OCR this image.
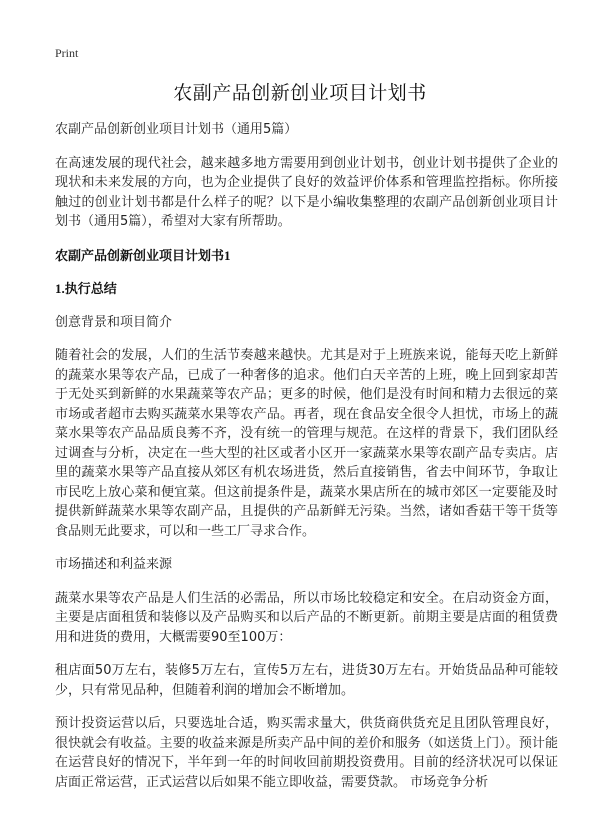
Print
农副产品创新创业项目计划书

农副产品创新创业项目计划书（通用5篇）

在高速发展的现代社会，越来越多地方需要用到创业计划书，创业计划书提供了企业的现状和未来发展的方向，也为企业提供了良好的效益评价体系和管理监控指标。你所接触过的创业计划书都是什么样子的呢？以下是小编收集整理的农副产品创新创业项目计划书（通用5篇），希望对大家有所帮助。

农副产品创新创业项目计划书1

1.执行总结

创意背景和项目简介

随着社会的发展，人们的生活节奏越来越快。尤其是对于上班族来说，能每天吃上新鲜的蔬菜水果等农产品，已成了一种奢侈的追求。他们白天辛苦的上班，晚上回到家却苦于无处买到新鲜的水果蔬菜等农产品；更多的时候，他们是没有时间和精力去很远的菜市场或者超市去购买蔬菜水果等农产品。再者，现在食品安全很令人担忧，市场上的蔬菜水果等农产品品质良莠不齐，没有统一的管理与规范。在这样的背景下，我们团队经过调查与分析，决定在一些大型的社区或者小区开一家蔬菜水果等农副产品专卖店。店里的蔬菜水果等产品直接从郊区有机农场进货，然后直接销售，省去中间环节，争取让市民吃上放心菜和便宜菜。但这前提条件是，蔬菜水果店所在的城市郊区一定要能及时提供新鲜蔬菜水果等农副产品，且提供的产品新鲜无污染。当然，诸如香菇干等干货等食品则无此要求，可以和一些工厂寻求合作。

市场描述和利益来源

蔬菜水果等农产品是人们生活的必需品，所以市场比较稳定和安全。在启动资金方面，主要是店面租赁和装修以及产品购买和以后产品的不断更新。前期主要是店面的租赁费用和进货的费用，大概需要90至100万：

租店面50万左右，装修5万左右，宣传5万左右，进货30万左右。开始货品品种可能较少，只有常见品种，但随着利润的增加会不断增加。

预计投资运营以后，只要选址合适，购买需求量大，供货商供货充足且团队管理良好，很快就会有收益。主要的收益来源是所卖产品中间的差价和服务（如送货上门）。预计能在运营良好的情况下，半年到一年的时间收回前期投资费用。目前的经济状况可以保证店面正常运营，正式运营以后如果不能立即收益，需要贷款。 市场竞争分析
